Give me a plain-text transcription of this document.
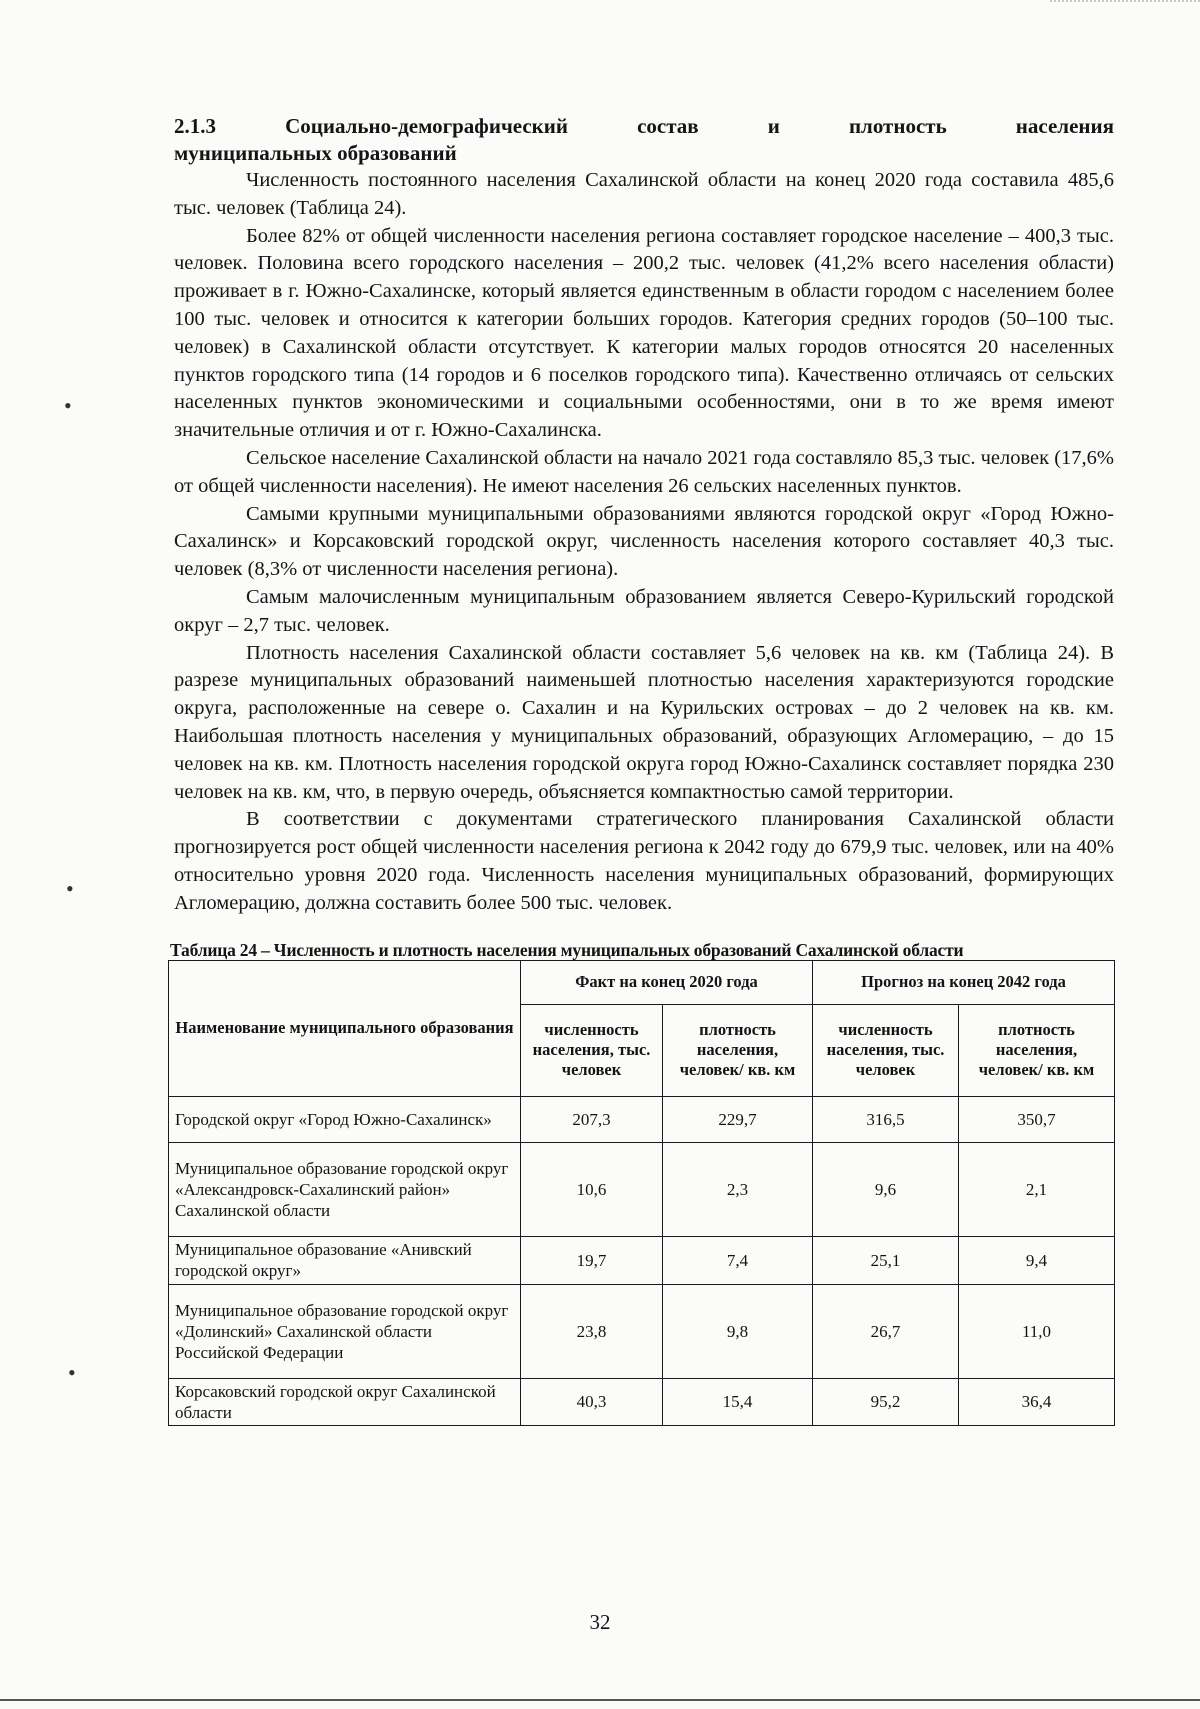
•
•
•
2.1.3	Социально-демографический	состав	и	плотность	населения
муниципальных образований

Численность постоянного населения Сахалинской области на конец 2020 года составила 485,6 тыс. человек (Таблица 24).

Более 82% от общей численности населения региона составляет городское население – 400,3 тыс. человек. Половина всего городского населения – 200,2 тыс. человек (41,2% всего населения области) проживает в г. Южно-Сахалинске, который является единственным в области городом с населением более 100 тыс. человек и относится к категории больших городов. Категория средних городов (50–100 тыс. человек) в Сахалинской области отсутствует. К категории малых городов относятся 20 населенных пунктов городского типа (14 городов и 6 поселков городского типа). Качественно отличаясь от сельских населенных пунктов экономическими и социальными особенностями, они в то же время имеют значительные отличия и от г. Южно-Сахалинска.

Сельское население Сахалинской области на начало 2021 года составляло 85,3 тыс. человек (17,6% от общей численности населения). Не имеют населения 26 сельских населенных пунктов.

Самыми крупными муниципальными образованиями являются городской округ «Город Южно-Сахалинск» и Корсаковский городской округ, численность населения которого составляет 40,3 тыс. человек (8,3% от численности населения региона).

Самым малочисленным муниципальным образованием является Северо-Курильский городской округ – 2,7 тыс. человек.

Плотность населения Сахалинской области составляет 5,6 человек на кв. км (Таблица 24). В разрезе муниципальных образований наименьшей плотностью населения характеризуются городские округа, расположенные на севере о. Сахалин и на Курильских островах – до 2 человек на кв. км. Наибольшая плотность населения у муниципальных образований, образующих Агломерацию, – до 15 человек на кв. км. Плотность населения городской округа город Южно-Сахалинск составляет порядка 230 человек на кв. км, что, в первую очередь, объясняется компактностью самой территории.

В соответствии с документами стратегического планирования Сахалинской области прогнозируется рост общей численности населения региона к 2042 году до 679,9 тыс. человек, или на 40% относительно уровня 2020 года. Численность населения муниципальных образований, формирующих Агломерацию, должна составить более 500 тыс. человек.

Таблица 24 – Численность и плотность населения муниципальных образований Сахалинской области
Наименование муниципального образования	Факт на конец 2020 года		Прогноз на конец 2042 года	
	численность населения, тыс. человек	плотность населения, человек/ кв. км	численность населения, тыс. человек	плотность населения, человек/ кв. км
Городской округ «Город Южно-Сахалинск»	207,3	229,7	316,5	350,7
Муниципальное образование городской округ «Александровск-Сахалинский район» Сахалинской области	10,6	2,3	9,6	2,1
Муниципальное образование «Анивский городской округ»	19,7	7,4	25,1	9,4
Муниципальное образование городской округ «Долинский» Сахалинской области Российской Федерации	23,8	9,8	26,7	11,0
Корсаковский городской округ Сахалинской области	40,3	15,4	95,2	36,4
32
